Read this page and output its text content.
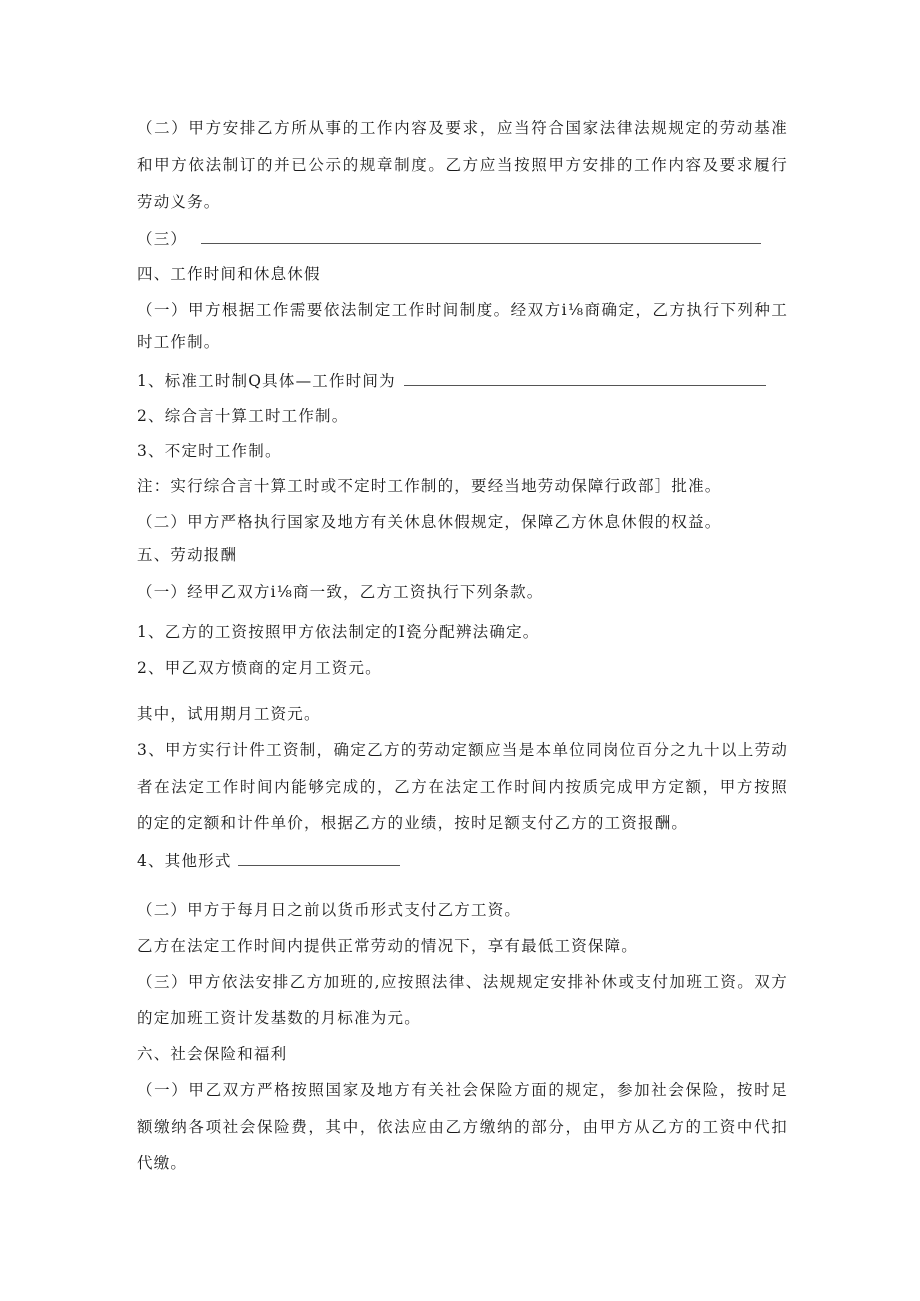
（ 二 ） 甲 方 安 排 乙 方 所 从 事 的 工 作 内 容 及 要 求 ， 应 当 符 合 国 家 法 律 法 规 规 定 的 劳 动 基 准
和 甲 方 依 法 制 订 的 并 已 公 示 的 规 章 制 度 。 乙 方 应 当 按 照 甲 方 安 排 的 工 作 内 容 及 要 求 履 行
劳动义务。
（三）
四、工作时间和休息休假
（ 一 ） 甲 方 根 据 工 作 需 要 依 法 制 定 工 作 时 间 制 度 。 经 双 方 i ⅛ 商 确 定 ， 乙 方 执 行 下 列 种 工
时工作制。
1、标准工时制Q具体—工作时间为
2、综合言十算工时工作制。
3、不定时工作制。
注：实行综合言十算工时或不定时工作制的，要经当地劳动保障行政部］批准。
（二）甲方严格执行国家及地方有关休息休假规定，保障乙方休息休假的权益。
五、劳动报酬
（一）经甲乙双方i⅛商一致，乙方工资执行下列条款。
1、乙方的工资按照甲方依法制定的I瓷分配辨法确定。
2、甲乙双方愤商的定月工资元。
其中，试用期月工资元。
3 、 甲 方 实 行 计 件 工 资 制 ， 确 定 乙 方 的 劳 动 定 额 应 当 是 本 单 位 同 岗 位 百 分 之 九 十 以 上 劳 动
者 在 法 定 工 作 时 间 内 能 够 完 成 的 ， 乙 方 在 法 定 工 作 时 间 内 按 质 完 成 甲 方 定 额 ， 甲 方 按 照
的定的定额和计件单价，根据乙方的业绩，按时足额支付乙方的工资报酬。
4、其他形式
（二）甲方于每月日之前以货币形式支付乙方工资。
乙方在法定工作时间内提供正常劳动的情况下，享有最低工资保障。
（ 三 ） 甲 方 依 法 安 排 乙 方 加 班 的 , 应 按 照 法 律 、 法 规 规 定 安 排 补 休 或 支 付 加 班 工 资 。 双 方
的定加班工资计发基数的月标准为元。
六、社会保险和福利
（ 一 ） 甲 乙 双 方 严 格 按 照 国 家 及 地 方 有 关 社 会 保 险 方 面 的 规 定 ， 参 加 社 会 保 险 ， 按 时 足
额 缴 纳 各 项 社 会 保 险 费 ， 其 中 ， 依 法 应 由 乙 方 缴 纳 的 部 分 ， 由 甲 方 从 乙 方 的 工 资 中 代 扣
代缴。
